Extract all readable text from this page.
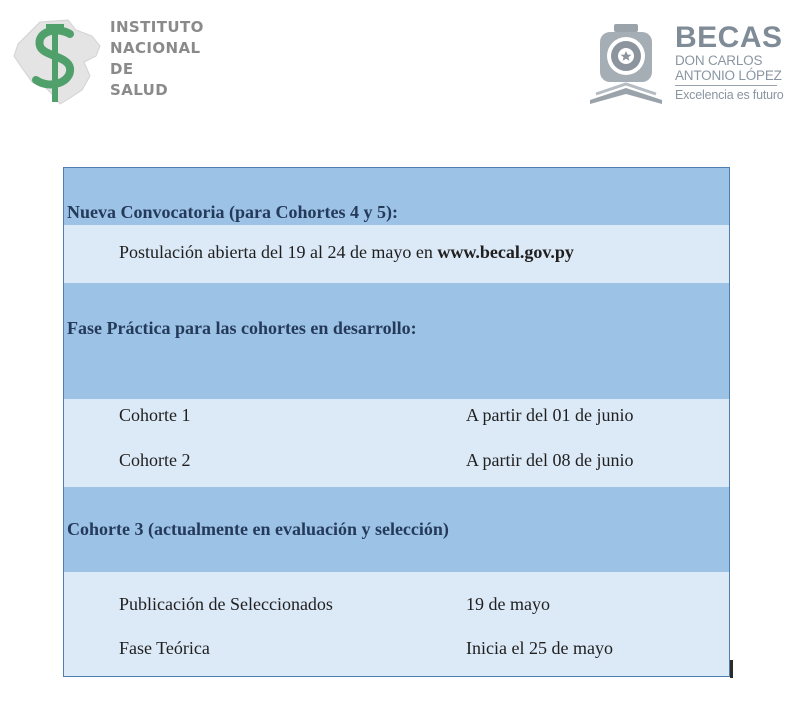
INSTITUTO
NACIONAL
DE
SALUD
BECAS
DON CARLOS
ANTONIO LÓPEZ
Excelencia es futuro
Nueva Convocatoria (para Cohortes 4 y 5):
Postulación abierta del 19 al 24 de mayo en www.becal.gov.py
Fase Práctica para las cohortes en desarrollo:
Cohorte 1	A partir del 01 de junio
Cohorte 2	A partir del 08 de junio
Cohorte 3 (actualmente en evaluación y selección)
Publicación de Seleccionados	19 de mayo
Fase Teórica	Inicia el 25 de mayo
